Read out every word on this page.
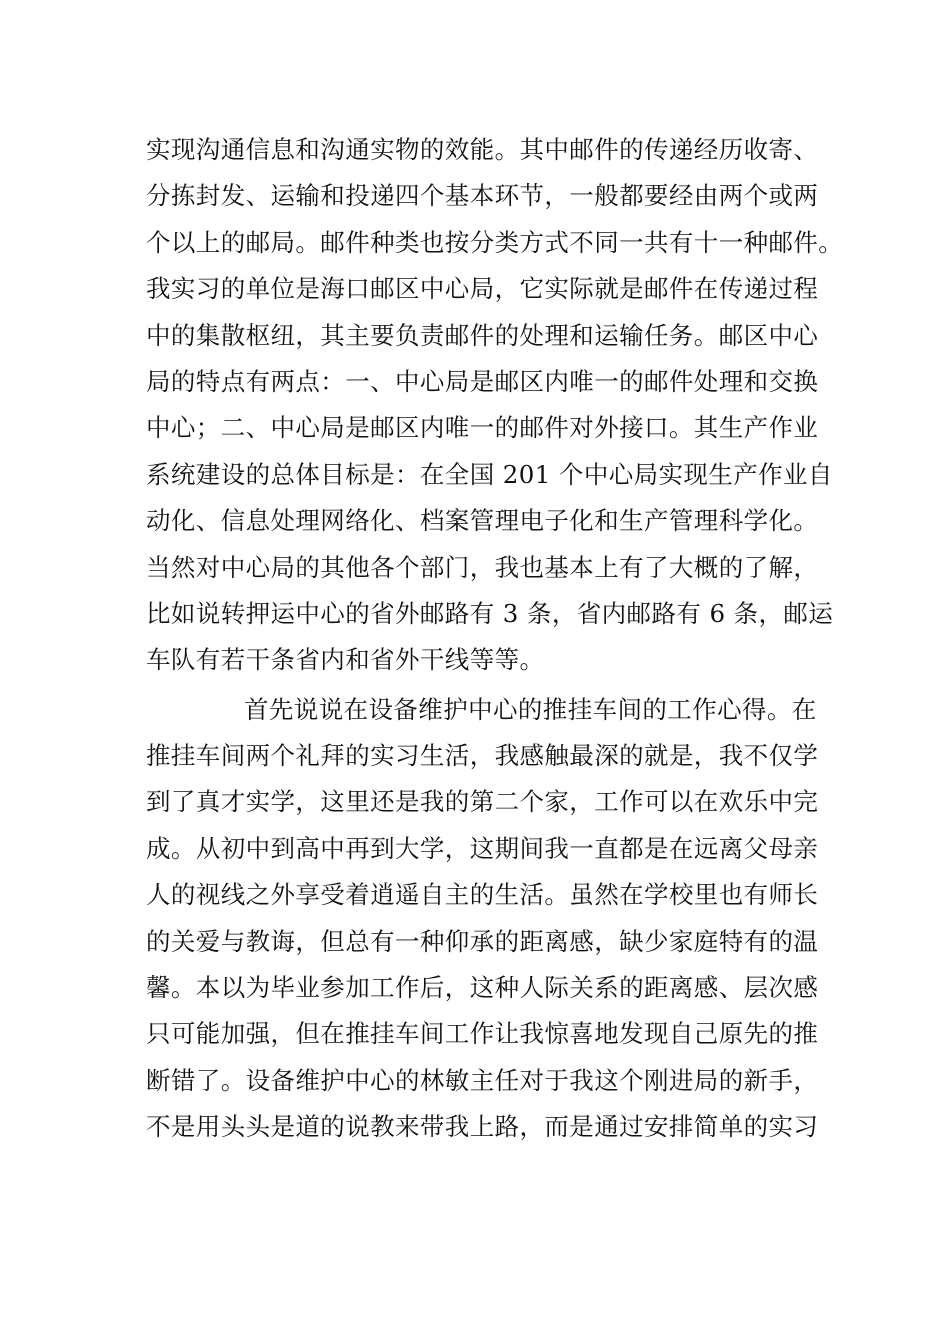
实现沟通信息和沟通实物的效能。其中邮件的传递经历收寄、
分拣封发、运输和投递四个基本环节，一般都要经由两个或两
个以上的邮局。邮件种类也按分类方式不同一共有十一种邮件。
我实习的单位是海口邮区中心局，它实际就是邮件在传递过程
中的集散枢纽，其主要负责邮件的处理和运输任务。邮区中心
局的特点有两点：一、中心局是邮区内唯一的邮件处理和交换
中心；二、中心局是邮区内唯一的邮件对外接口。其生产作业
系统建设的总体目标是：在全国 201 个中心局实现生产作业自
动化、信息处理网络化、档案管理电子化和生产管理科学化。
当然对中心局的其他各个部门，我也基本上有了大概的了解，
比如说转押运中心的省外邮路有 3 条，省内邮路有 6 条，邮运
车队有若干条省内和省外干线等等。
首先说说在设备维护中心的推挂车间的工作心得。在
推挂车间两个礼拜的实习生活，我感触最深的就是，我不仅学
到了真才实学，这里还是我的第二个家，工作可以在欢乐中完
成。从初中到高中再到大学，这期间我一直都是在远离父母亲
人的视线之外享受着逍遥自主的生活。虽然在学校里也有师长
的关爱与教诲，但总有一种仰承的距离感，缺少家庭特有的温
馨。本以为毕业参加工作后，这种人际关系的距离感、层次感
只可能加强，但在推挂车间工作让我惊喜地发现自己原先的推
断错了。设备维护中心的林敏主任对于我这个刚进局的新手，
不是用头头是道的说教来带我上路，而是通过安排简单的实习
